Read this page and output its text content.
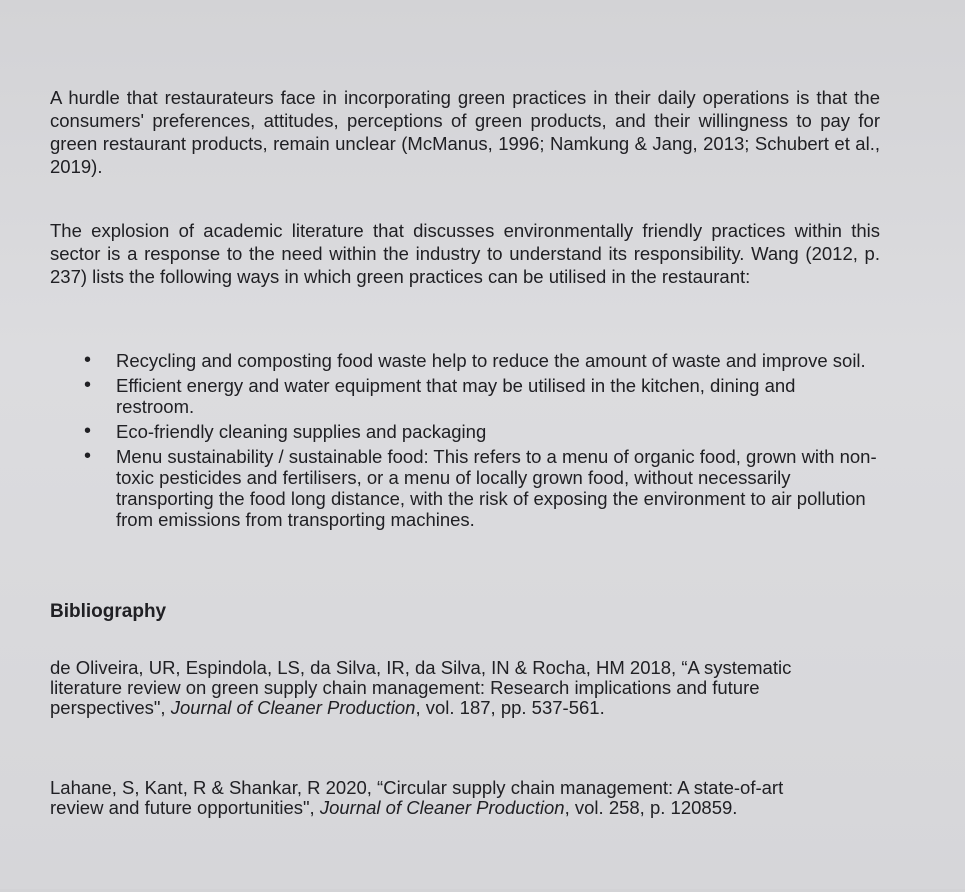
A hurdle that restaurateurs face in incorporating green practices in their daily operations is that the consumers' preferences, attitudes, perceptions of green products, and their willingness to pay for green restaurant products, remain unclear (McManus, 1996; Namkung & Jang, 2013; Schubert et al., 2019).

The explosion of academic literature that discusses environmentally friendly practices within this sector is a response to the need within the industry to understand its responsibility. Wang (2012, p. 237) lists the following ways in which green practices can be utilised in the restaurant:

• Recycling and composting food waste help to reduce the amount of waste and improve soil.
• Efficient energy and water equipment that may be utilised in the kitchen, dining and restroom.
• Eco-friendly cleaning supplies and packaging
• Menu sustainability / sustainable food: This refers to a menu of organic food, grown with non-toxic pesticides and fertilisers, or a menu of locally grown food, without necessarily transporting the food long distance, with the risk of exposing the environment to air pollution from emissions from transporting machines.
Bibliography

de Oliveira, UR, Espindola, LS, da Silva, IR, da Silva, IN & Rocha, HM 2018, “A systematic literature review on green supply chain management: Research implications and future perspectives", Journal of Cleaner Production, vol. 187, pp. 537-561.

Lahane, S, Kant, R & Shankar, R 2020, “Circular supply chain management: A state-of-art review and future opportunities", Journal of Cleaner Production, vol. 258, p. 120859.
